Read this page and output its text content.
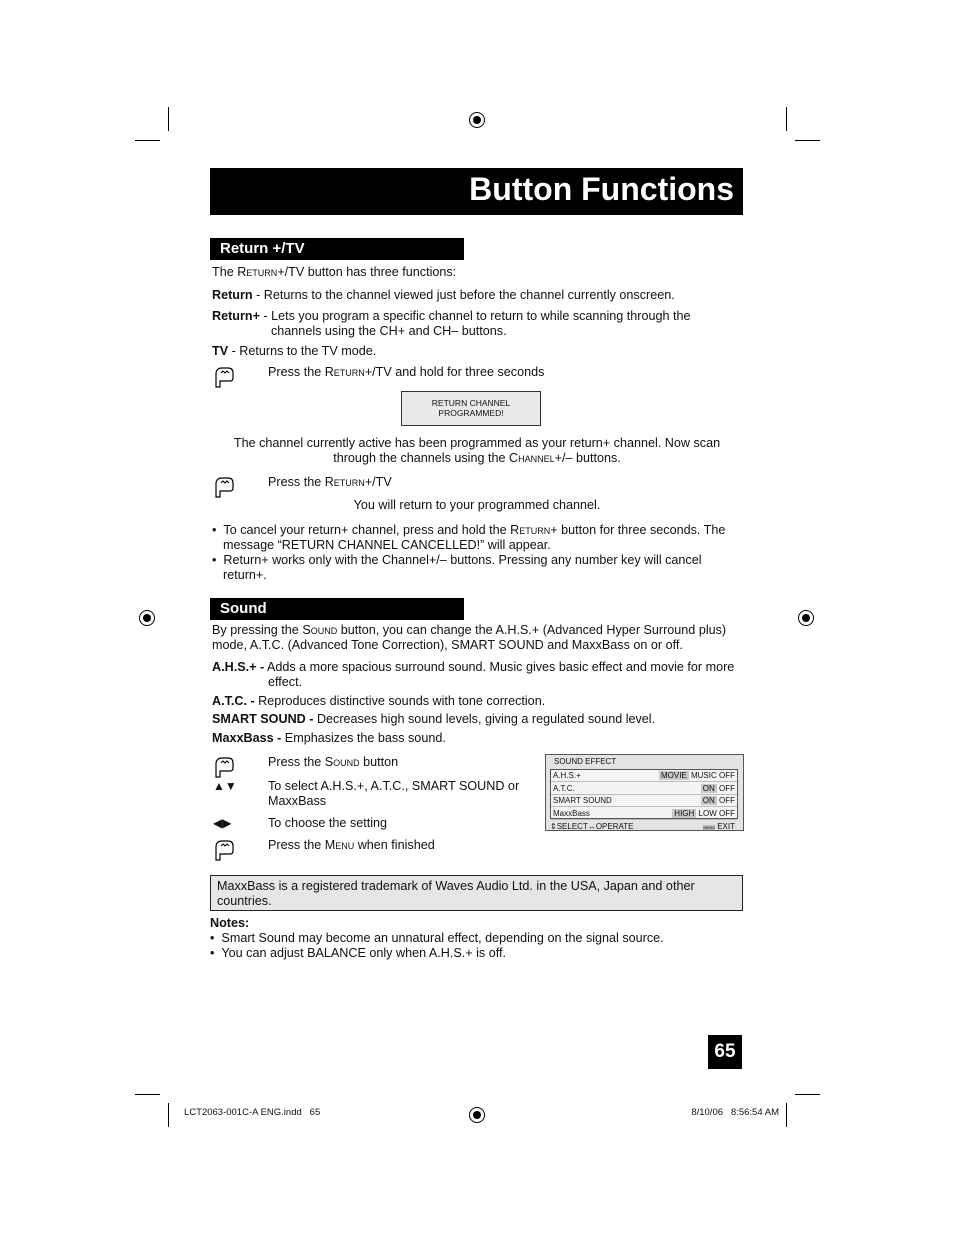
Button Functions
Return +/TV
The Return+/TV button has three functions:
Return - Returns to the channel viewed just before the channel currently onscreen.
Return+ - Lets you program a specific channel to return to while scanning through the
channels using the CH+ and CH– buttons.
TV - Returns to the TV mode.
Press the Return+/TV and hold for three seconds
RETURN CHANNEL
PROGRAMMED!
The channel currently active has been programmed as your return+ channel. Now scan
through the channels using the Channel+/– buttons.
Press the Return+/TV
You will return to your programmed channel.
•  To cancel your return+ channel, press and hold the Return+ button for three seconds. The
message “RETURN CHANNEL CANCELLED!” will appear.
•  Return+ works only with the Channel+/– buttons. Pressing any number key will cancel
return+.
Sound
By pressing the Sound button, you can change the A.H.S.+ (Advanced Hyper Surround plus)
mode, A.T.C. (Advanced Tone Correction), SMART SOUND and MaxxBass on or off.
A.H.S.+ - Adds a more spacious surround sound. Music gives basic effect and movie for more
effect.
A.T.C. - Reproduces distinctive sounds with tone correction.
SMART SOUND - Decreases high sound levels, giving a regulated sound level.
MaxxBass - Emphasizes the bass sound.
Press the Sound button
▲▼ To select A.H.S.+, A.T.C., SMART SOUND or
MaxxBass
◀▶	To choose the setting
Press the Menu when finished
SOUND EFFECT
A.H.S.+	MOVIE MUSIC OFF
A.T.C.	ON OFF
SMART SOUND	ON OFF
MaxxBass	HIGH LOW OFF
⇕SELECT↔OPERATE	MENU EXIT
MaxxBass is a registered trademark of Waves Audio Ltd. in the USA, Japan and other countries.
Notes:
•  Smart Sound may become an unnatural effect, depending on the signal source.
•  You can adjust BALANCE only when A.H.S.+ is off.
65
LCT2063-001C-A ENG.indd   65	8/10/06   8:56:54 AM
